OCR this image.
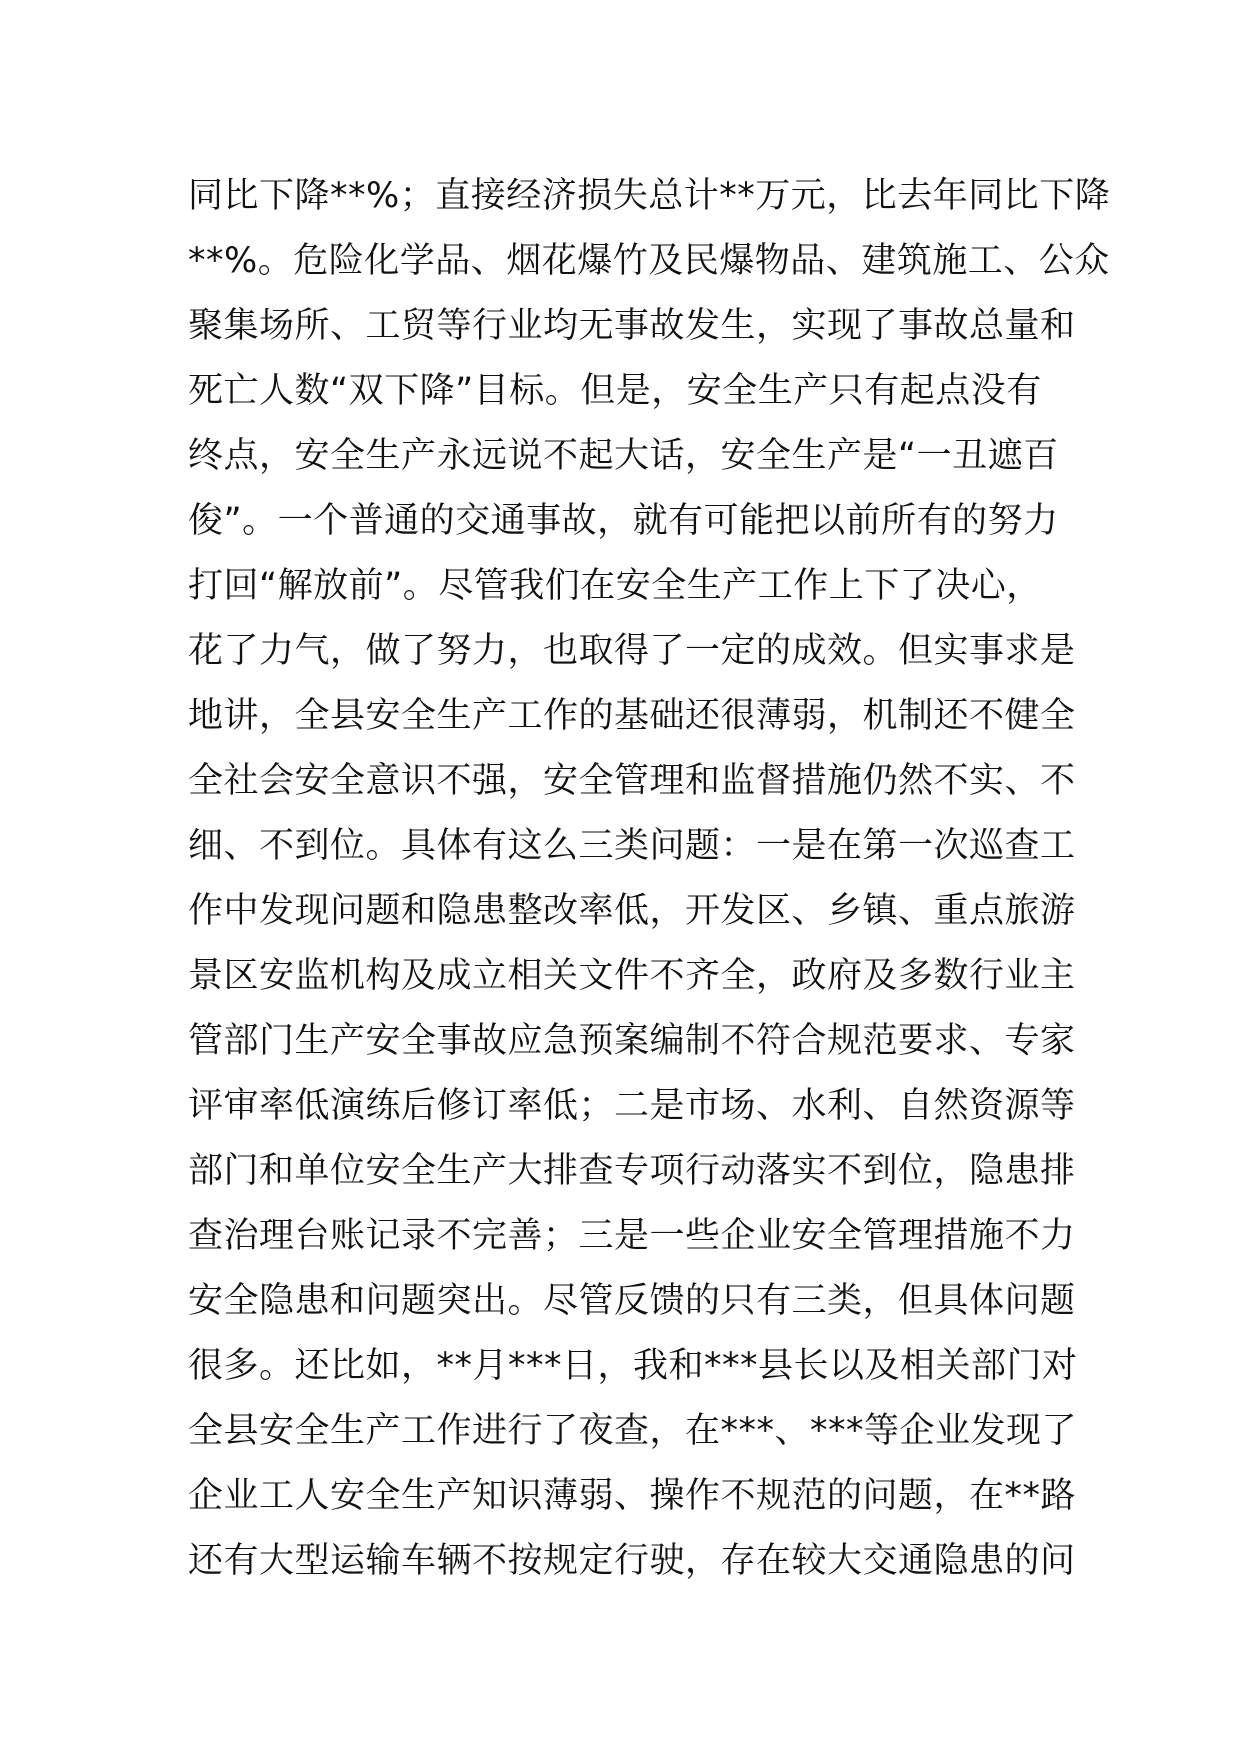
同比下降**%；直接经济损失总计**万元，比去年同比下降
**%。危险化学品、烟花爆竹及民爆物品、建筑施工、公众
聚集场所、工贸等行业均无事故发生，实现了事故总量和
死亡人数“双下降”目标。但是，安全生产只有起点没有
终点，安全生产永远说不起大话，安全生产是“一丑遮百
俊”。一个普通的交通事故，就有可能把以前所有的努力
打回“解放前”。尽管我们在安全生产工作上下了决心，
花了力气，做了努力，也取得了一定的成效。但实事求是
地讲，全县安全生产工作的基础还很薄弱，机制还不健全
全社会安全意识不强，安全管理和监督措施仍然不实、不
细、不到位。具体有这么三类问题：一是在第一次巡查工
作中发现问题和隐患整改率低，开发区、乡镇、重点旅游
景区安监机构及成立相关文件不齐全，政府及多数行业主
管部门生产安全事故应急预案编制不符合规范要求、专家
评审率低演练后修订率低；二是市场、水利、自然资源等
部门和单位安全生产大排查专项行动落实不到位，隐患排
查治理台账记录不完善；三是一些企业安全管理措施不力
安全隐患和问题突出。尽管反馈的只有三类，但具体问题
很多。还比如，**月***日，我和***县长以及相关部门对
全县安全生产工作进行了夜查，在***、***等企业发现了
企业工人安全生产知识薄弱、操作不规范的问题，在**路
还有大型运输车辆不按规定行驶，存在较大交通隐患的问
